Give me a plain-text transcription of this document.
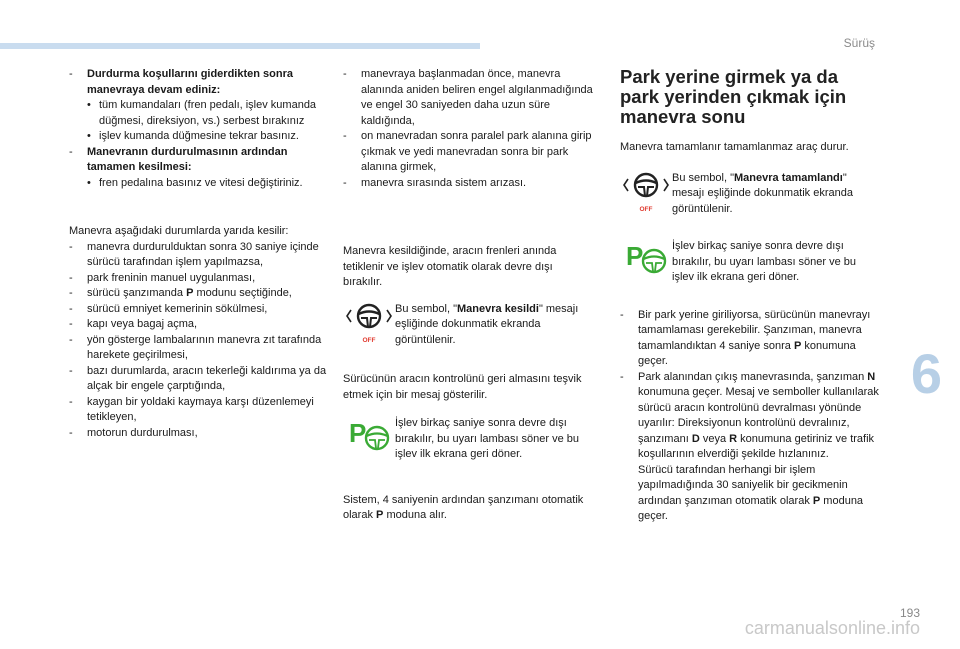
Sürüş

- Durdurma koşullarını giderdikten sonra manevraya devam ediniz:

• tüm kumandaları (fren pedalı, işlev kumanda düğmesi, direksiyon, vs.) serbest bırakınız

• işlev kumanda düğmesine tekrar basınız.

- Manevranın durdurulmasının ardından tamamen kesilmesi:

• fren pedalına basınız ve vitesi değiştiriniz.

Manevra aşağıdaki durumlarda yarıda kesilir:

- manevra durdurulduktan sonra 30 saniye içinde sürücü tarafından işlem yapılmazsa,

- park freninin manuel uygulanması,

- sürücü şanzımanda P modunu seçtiğinde,

- sürücü emniyet kemerinin sökülmesi,

- kapı veya bagaj açma,

- yön gösterge lambalarının manevra zıt tarafında harekete geçirilmesi,

- bazı durumlarda, aracın tekerleği kaldırıma ya da alçak bir engele çarptığında,

- kaygan bir yoldaki kaymaya karşı düzenlemeyi tetikleyen,

- motorun durdurulması,

- manevraya başlanmadan önce, manevra alanında aniden beliren engel algılanmadığında ve engel 30 saniyeden daha uzun süre kaldığında,

- on manevradan sonra paralel park alanına girip çıkmak ve yedi manevradan sonra bir park alanına girmek,

- manevra sırasında sistem arızası.

Manevra kesildiğinde, aracın frenleri anında tetiklenir ve işlev otomatik olarak devre dışı bırakılır.

OFF
Bu sembol, "Manevra kesildi" mesajı eşliğinde dokunmatik ekranda görüntülenir.

Sürücünün aracın kontrolünü geri almasını teşvik etmek için bir mesaj gösterilir.

P	İşlev birkaç saniye sonra devre dışı bırakılır, bu uyarı lambası söner ve bu işlev ilk ekrana geri döner.

Sistem, 4 saniyenin ardından şanzımanı otomatik olarak P moduna alır.

Park yerine girmek ya da park yerinden çıkmak için manevra sonu

Manevra tamamlanır tamamlanmaz araç durur.

OFF
Bu sembol, "Manevra tamamlandı" mesajı eşliğinde dokunmatik ekranda görüntülenir.
P	İşlev birkaç saniye sonra devre dışı bırakılır, bu uyarı lambası söner ve bu işlev ilk ekrana geri döner.

- Bir park yerine giriliyorsa, sürücünün manevrayı tamamlaması gerekebilir. Şanzıman, manevra tamamlandıktan 4 saniye sonra P konumuna geçer.

- Park alanından çıkış manevrasında, şanzıman N konumuna geçer. Mesaj ve semboller kullanılarak sürücü aracın kontrolünü devralması yönünde uyarılır: Direksiyonun kontrolünü devralınız, şanzımanı D veya R konumuna getiriniz ve trafik koşullarının elverdiği şekilde hızlanınız.
Sürücü tarafından herhangi bir işlem yapılmadığında 30 saniyelik bir gecikmenin ardından şanzıman otomatik olarak P moduna geçer.

6
193
carmanualsonline.info
